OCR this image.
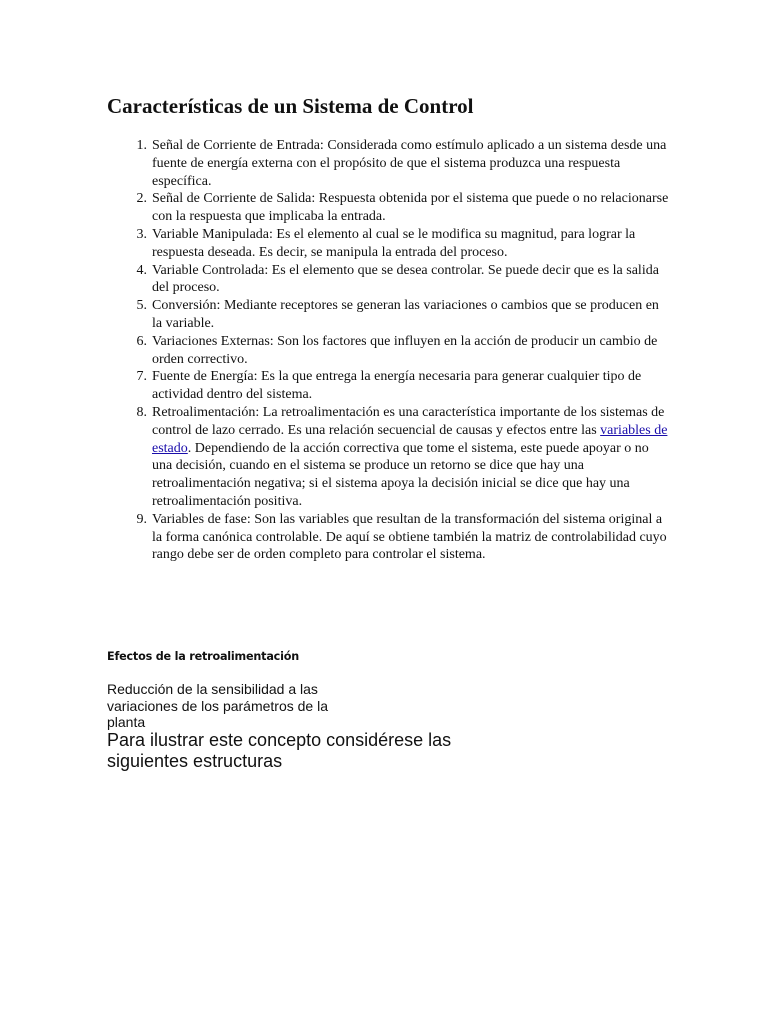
Características de un Sistema de Control
1. Señal de Corriente de Entrada: Considerada como estímulo aplicado a un sistema desde una fuente de energía externa con el propósito de que el sistema produzca una respuesta específica.
2. Señal de Corriente de Salida: Respuesta obtenida por el sistema que puede o no relacionarse con la respuesta que implicaba la entrada.
3. Variable Manipulada: Es el elemento al cual se le modifica su magnitud, para lograr la respuesta deseada. Es decir, se manipula la entrada del proceso.
4. Variable Controlada: Es el elemento que se desea controlar. Se puede decir que es la salida del proceso.
5. Conversión: Mediante receptores se generan las variaciones o cambios que se producen en la variable.
6. Variaciones Externas: Son los factores que influyen en la acción de producir un cambio de orden correctivo.
7. Fuente de Energía: Es la que entrega la energía necesaria para generar cualquier tipo de actividad dentro del sistema.
8. Retroalimentación: La retroalimentación es una característica importante de los sistemas de control de lazo cerrado. Es una relación secuencial de causas y efectos entre las variables de estado. Dependiendo de la acción correctiva que tome el sistema, este puede apoyar o no una decisión, cuando en el sistema se produce un retorno se dice que hay una retroalimentación negativa; si el sistema apoya la decisión inicial se dice que hay una retroalimentación positiva.
9. Variables de fase: Son las variables que resultan de la transformación del sistema original a la forma canónica controlable. De aquí se obtiene también la matriz de controlabilidad cuyo rango debe ser de orden completo para controlar el sistema.
Efectos de la retroalimentación

Reducción de la sensibilidad a las variaciones de los parámetros de la planta

Para ilustrar este concepto considérese las siguientes estructuras
